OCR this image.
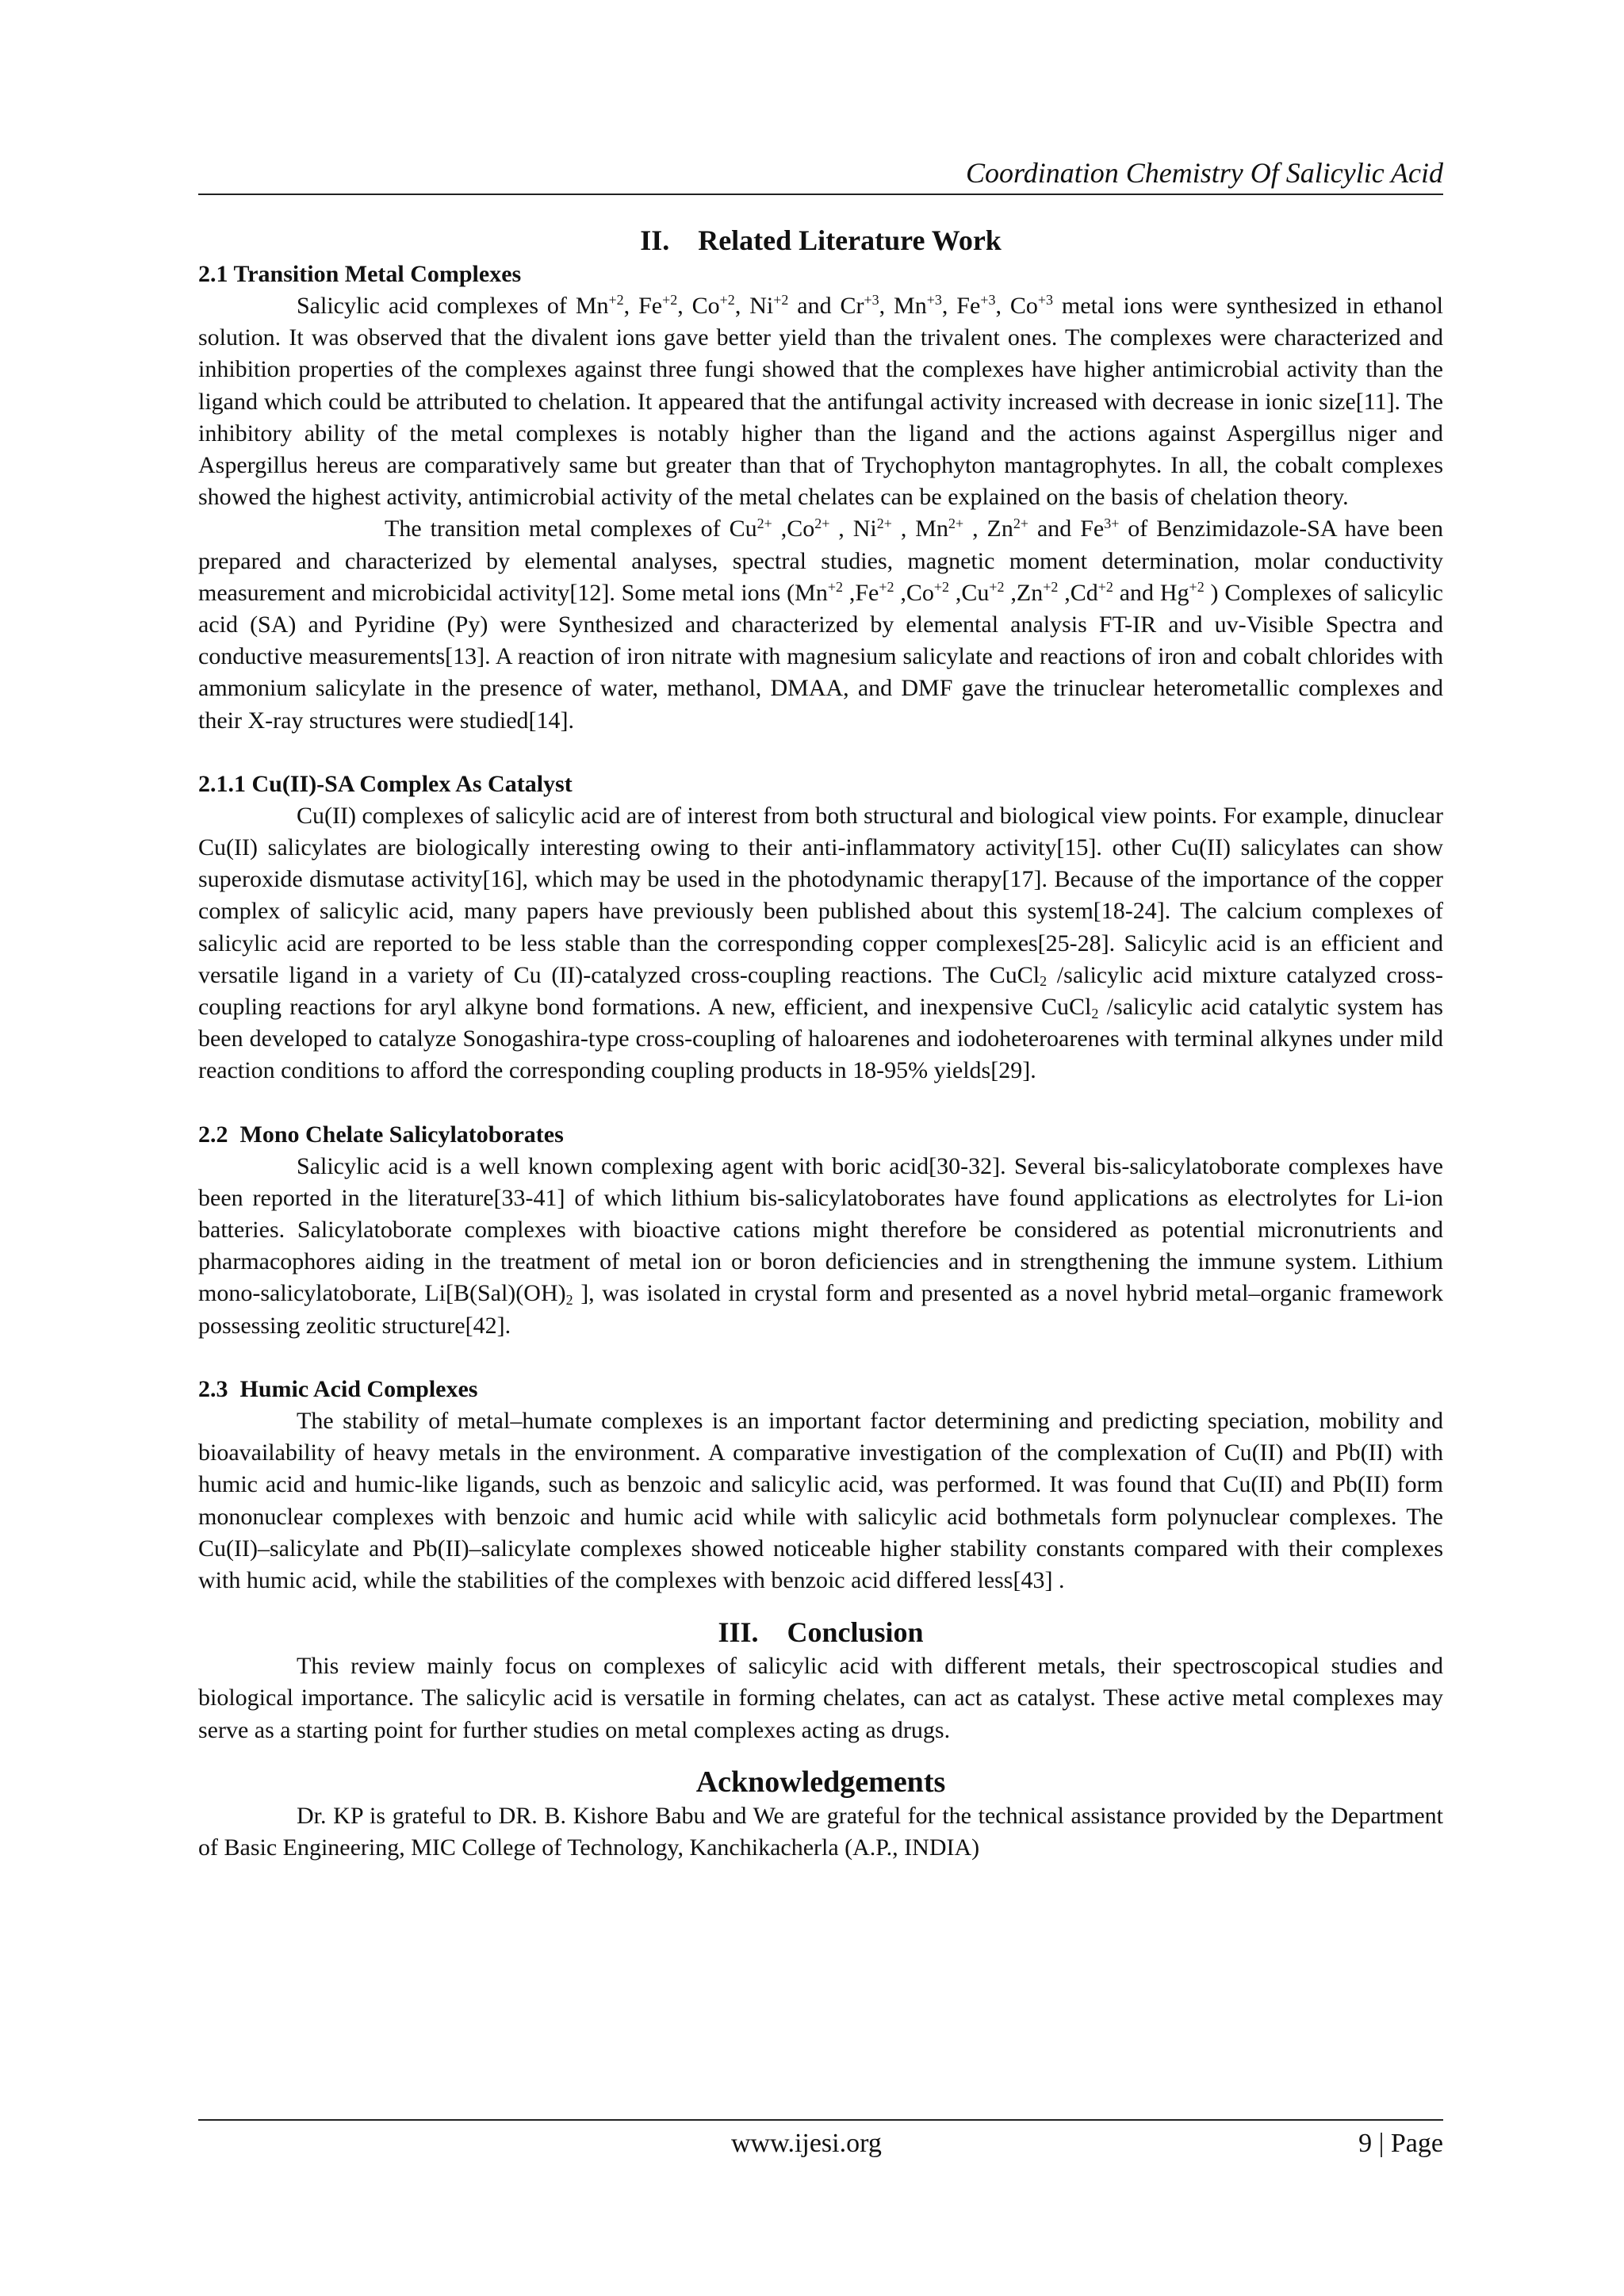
Coordination Chemistry Of Salicylic Acid
II.    Related Literature Work
2.1 Transition Metal Complexes

Salicylic acid complexes of $Mn^{+2}$, $Fe^{+2}$, $Co^{+2}$, $Ni^{+2}$ and $Cr^{+3}$, $Mn^{+3}$, $Fe^{+3}$, $Co^{+3}$ metal ions were synthesized in ethanol solution. It was observed that the divalent ions gave better yield than the trivalent ones. The complexes were characterized and inhibition properties of the complexes against three fungi showed that the complexes have higher antimicrobial activity than the ligand which could be attributed to chelation. It appeared that the antifungal activity increased with decrease in ionic size[11]. The inhibitory ability of the metal complexes is notably higher than the ligand and the actions against Aspergillus niger and Aspergillus hereus are comparatively same but greater than that of Trychophyton mantagrophytes. In all, the cobalt complexes showed the highest activity, antimicrobial activity of the metal chelates can be explained on the basis of chelation theory.

The transition metal complexes of $Cu^{2+}$ $,Co^{2+}$ , $Ni^{2+}$ , $Mn^{2+}$ , $Zn^{2+}$ and $Fe^{3+}$ of Benzimidazole-SA have been prepared and characterized by elemental analyses, spectral studies, magnetic moment determination, molar conductivity measurement and microbicidal activity[12]. Some metal ions ($Mn^{+2}$ $,Fe^{+2}$ $,Co^{+2}$ $,Cu^{+2}$ $,Zn^{+2}$ $,Cd^{+2}$ and $Hg^{+2}$ ) Complexes of salicylic acid (SA) and Pyridine (Py) were Synthesized and characterized by elemental analysis FT-IR and uv-Visible Spectra and conductive measurements[13]. A reaction of iron nitrate with magnesium salicylate and reactions of iron and cobalt chlorides with ammonium salicylate in the presence of water, methanol, DMAA, and DMF gave the trinuclear heterometallic complexes and their X-ray structures were studied[14].

2.1.1 Cu(II)-SA Complex As Catalyst

Cu(II) complexes of salicylic acid are of interest from both structural and biological view points. For example, dinuclear Cu(II) salicylates are biologically interesting owing to their anti-inflammatory activity[15]. other Cu(II) salicylates can show superoxide dismutase activity[16], which may be used in the photodynamic therapy[17]. Because of the importance of the copper complex of salicylic acid, many papers have previously been published about this system[18-24]. The calcium complexes of salicylic acid are reported to be less stable than the corresponding copper complexes[25-28]. Salicylic acid is an efficient and versatile ligand in a variety of Cu (II)-catalyzed cross-coupling reactions. The CuCl$_2$ /salicylic acid mixture catalyzed cross-coupling reactions for aryl alkyne bond formations. A new, efficient, and inexpensive CuCl$_2$ /salicylic acid catalytic system has been developed to catalyze Sonogashira-type cross-coupling of haloarenes and iodoheteroarenes with terminal alkynes under mild reaction conditions to afford the corresponding coupling products in 18-95% yields[29].

2.2  Mono Chelate Salicylatoborates

Salicylic acid is a well known complexing agent with boric acid[30-32]. Several bis-salicylatoborate complexes have been reported in the literature[33-41] of which lithium bis-salicylatoborates have found applications as electrolytes for Li-ion batteries. Salicylatoborate complexes with bioactive cations might therefore be considered as potential micronutrients and pharmacophores aiding in the treatment of metal ion or boron deficiencies and in strengthening the immune system. Lithium mono-salicylatoborate, $Li[B(Sal)(OH)_2$ ], was isolated in crystal form and presented as a novel hybrid metal–organic framework possessing zeolitic structure[42].

2.3  Humic Acid Complexes

The stability of metal–humate complexes is an important factor determining and predicting speciation, mobility and bioavailability of heavy metals in the environment. A comparative investigation of the complexation of Cu(II) and Pb(II) with humic acid and humic-like ligands, such as benzoic and salicylic acid, was performed. It was found that Cu(II) and Pb(II) form mononuclear complexes with benzoic and humic acid while with salicylic acid bothmetals form polynuclear complexes. The Cu(II)–salicylate and Pb(II)–salicylate complexes showed noticeable higher stability constants compared with their complexes with humic acid, while the stabilities of the complexes with benzoic acid differed less[43] .

III.    Conclusion

This review mainly focus on complexes of salicylic acid with different metals, their spectroscopical studies and biological importance. The salicylic acid is versatile in forming chelates, can act as catalyst. These active metal complexes may serve as a starting point for further studies on metal complexes acting as drugs.

Acknowledgements

Dr. KP is grateful to DR. B. Kishore Babu and We are grateful for the technical assistance provided by the Department of Basic Engineering, MIC College of Technology, Kanchikacherla (A.P., INDIA)

www.ijesi.org	9 | Page
